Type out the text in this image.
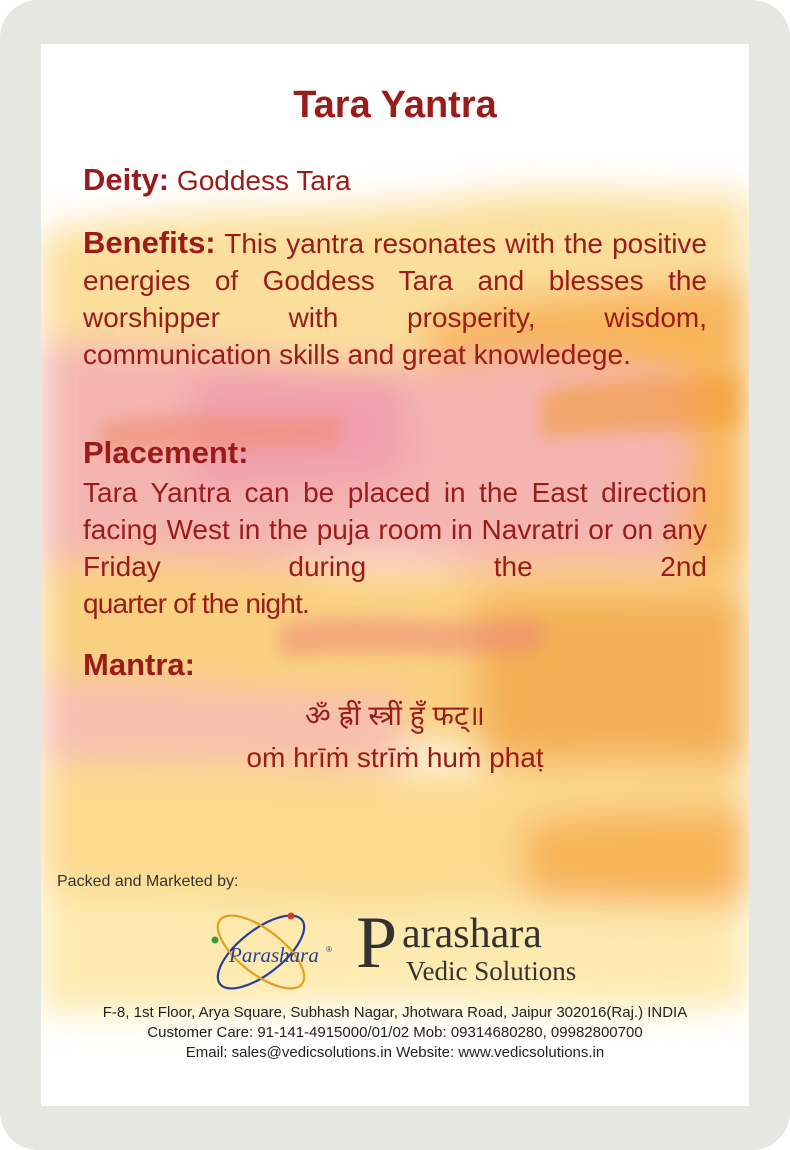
Tara Yantra
Deity: Goddess Tara
Benefits: This yantra resonates with the positive energies of Goddess Tara and blesses the worshipper with prosperity, wisdom, communication skills and great knowledege.
Placement:
Tara Yantra can be placed in the East direction facing West in the puja room in Navratri or on any Friday during the 2nd
quarter of the night.
Mantra:
ॐ ह्रीं स्त्रीं हुँ फट्॥
oṁ hrīṁ strīṁ huṁ phaṭ
Packed and Marketed by:
Parashara ® P arashara
Vedic Solutions
F-8, 1st Floor, Arya Square, Subhash Nagar, Jhotwara Road, Jaipur 302016(Raj.) INDIA
Customer Care: 91-141-4915000/01/02 Mob: 09314680280, 09982800700
Email: sales@vedicsolutions.in Website: www.vedicsolutions.in
